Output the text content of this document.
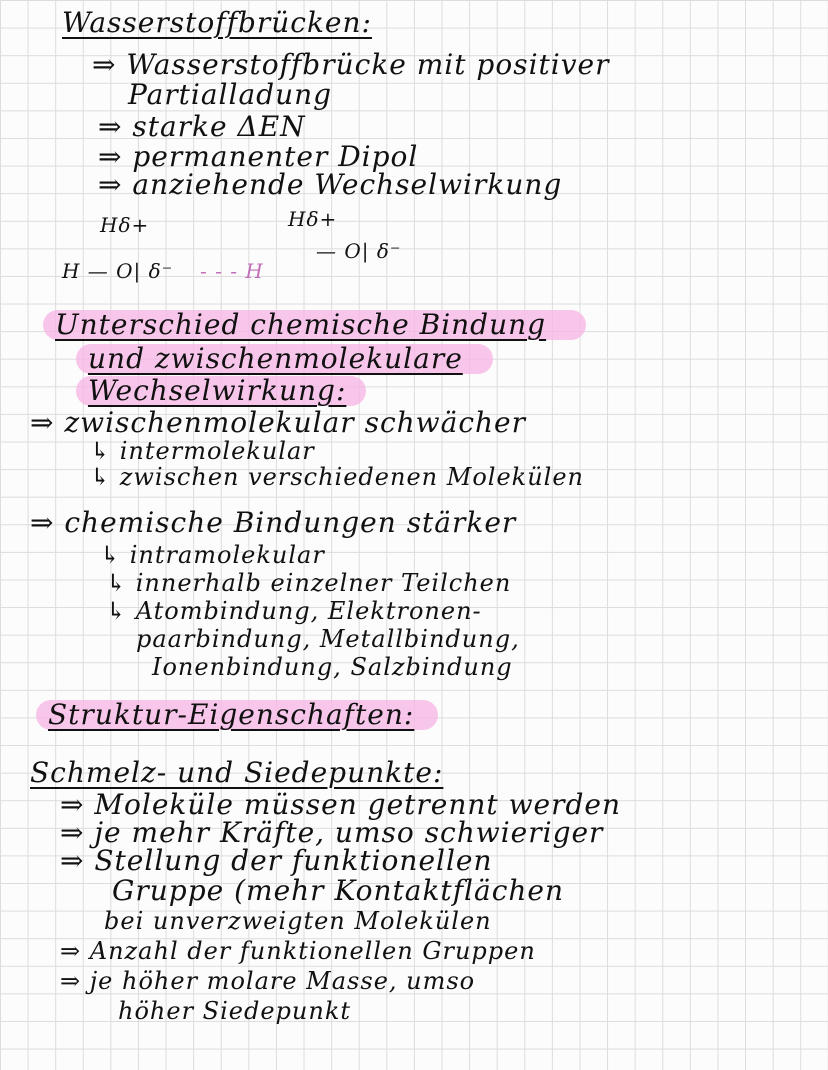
Wasserstoffbrücken:
⇒ Wasserstoffbrücke mit positiver
Partialladung
⇒ starke ΔEN
⇒ permanenter Dipol
⇒ anziehende Wechselwirkung
Hδ+
H — O| δ⁻ - - - H
Hδ+
— O| δ⁻
Unterschied chemische Bindung
und zwischenmolekulare
Wechselwirkung:
⇒ zwischenmolekular schwächer
↳ intermolekular
↳ zwischen verschiedenen Molekülen
⇒ chemische Bindungen stärker
↳ intramolekular
↳ innerhalb einzelner Teilchen
↳ Atombindung, Elektronen-
paarbindung, Metallbindung,
Ionenbindung, Salzbindung
Struktur-Eigenschaften:
Schmelz- und Siedepunkte:
⇒ Moleküle müssen getrennt werden
⇒ je mehr Kräfte, umso schwieriger
⇒ Stellung der funktionellen
Gruppe (mehr Kontaktflächen
bei unverzweigten Molekülen
⇒ Anzahl der funktionellen Gruppen
⇒ je höher molare Masse, umso
höher Siedepunkt
